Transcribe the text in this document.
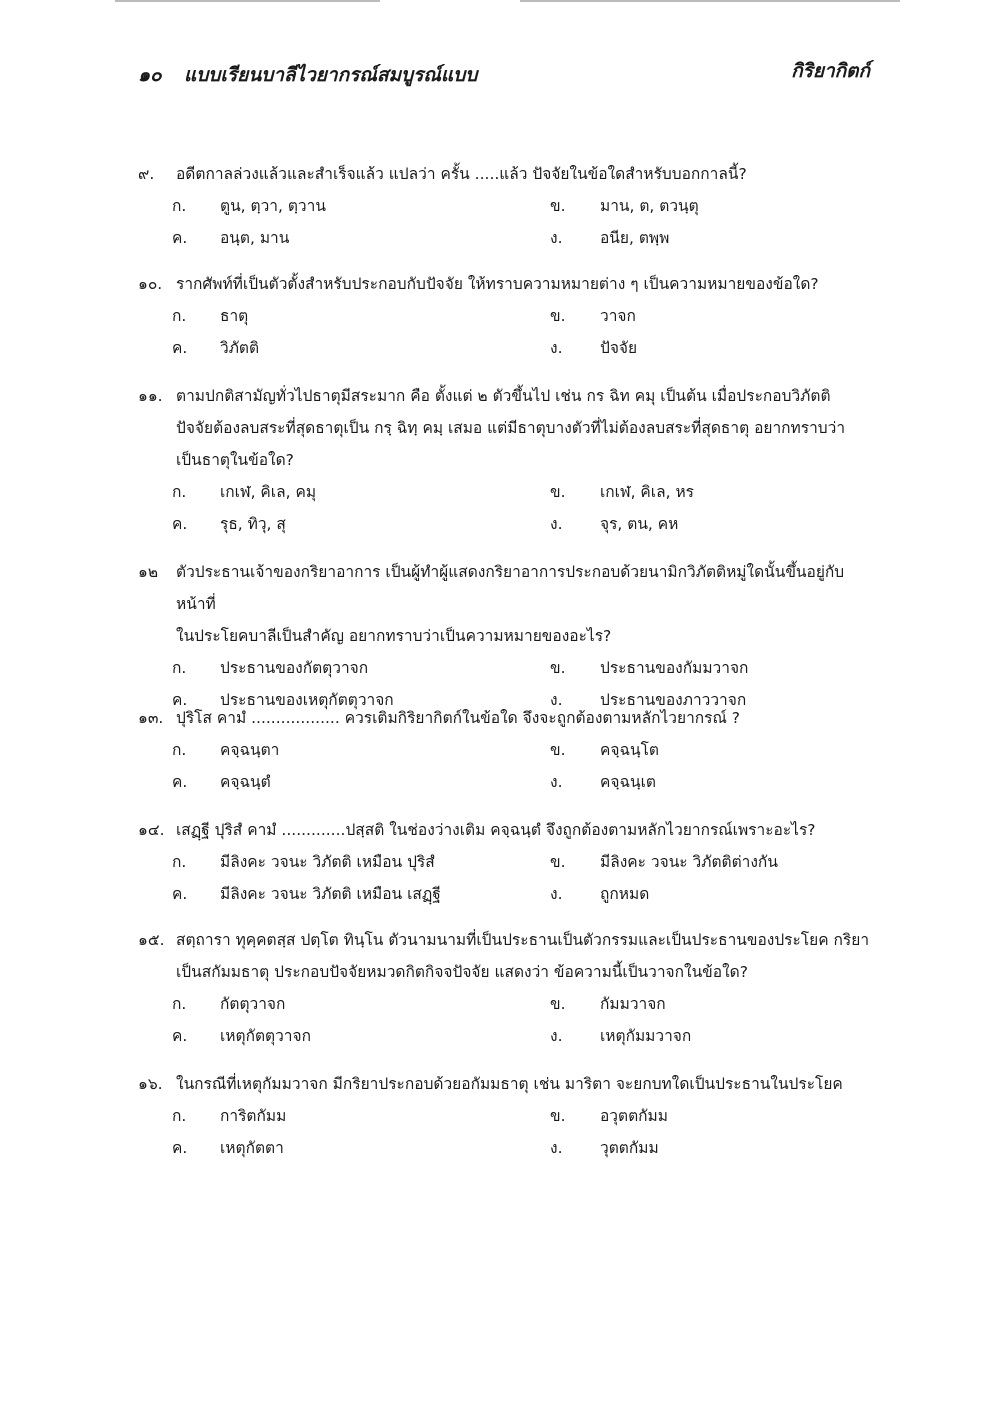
๑๐ แบบเรียนบาลีไวยากรณ์สมบูรณ์แบบ	กิริยากิตก์
๙.	อดีตกาลล่วงแล้วและสำเร็จแล้ว แปลว่า ครั้น .....แล้ว ปัจจัยในข้อใดสำหรับบอกกาลนี้?
ก.	ตูน, ตฺวา, ตฺวาน	ข.	มาน, ต, ตวนฺตุ
ค.	อนฺต, มาน	ง.	อนีย, ตพฺพ
๑๐. รากศัพท์ที่เป็นตัวตั้งสำหรับประกอบกับปัจจัย ให้ทราบความหมายต่าง ๆ เป็นความหมายของข้อใด?
ก.	ธาตุ	ข.	วาจก
ค.	วิภัตติ	ง.	ปัจจัย
๑๑. ตามปกติสามัญทั่วไปธาตุมีสระมาก คือ ตั้งแต่ ๒ ตัวขึ้นไป เช่น กร ฉิท คมุ เป็นต้น เมื่อประกอบวิภัตติ
ปัจจัยต้องลบสระที่สุดธาตุเป็น กรฺ ฉิทฺ คมฺ เสมอ แต่มีธาตุบางตัวที่ไม่ต้องลบสระที่สุดธาตุ อยากทราบว่า
เป็นธาตุในข้อใด?
ก.	เกเฬ, คิเล, คมุ	ข.	เกเฬ, คิเล, หร
ค.	รุธ, ทิวุ, สุ	ง.	จุร, ตน, คห
๑๒	ตัวประธานเจ้าของกริยาอาการ เป็นผู้ทำผู้แสดงกริยาอาการประกอบด้วยนามิกวิภัตติหมู่ใดนั้นขึ้นอยู่กับหน้าที่
ในประโยคบาลีเป็นสำคัญ อยากทราบว่าเป็นความหมายของอะไร?
ก.	ประธานของกัตตุวาจก	ข.	ประธานของกัมมวาจก
ค.	ประธานของเหตุกัตตุวาจก	ง.	ประธานของภาววาจก
๑๓. ปุริโส คามํ .................. ควรเติมกิริยากิตก์ในข้อใด จึงจะถูกต้องตามหลักไวยากรณ์ ?
ก.	คจฺฉนฺตา	ข.	คจฺฉนฺโต
ค.	คจฺฉนฺตํ	ง.	คจฺฉนฺเต
๑๔. เสฏฺฐี ปุริสํ คามํ .............ปสฺสติ ในช่องว่างเติม คจฺฉนฺตํ จึงถูกต้องตามหลักไวยากรณ์เพราะอะไร?
ก.	มีลิงคะ วจนะ วิภัตติ เหมือน ปุริสํ	ข.	มีลิงคะ วจนะ วิภัตติต่างกัน
ค.	มีลิงคะ วจนะ วิภัตติ เหมือน เสฏฺฐี	ง.	ถูกหมด
๑๕. สตฺถารา ทุคฺคตสฺส ปตฺโต ทินฺโน ตัวนามนามที่เป็นประธานเป็นตัวกรรมและเป็นประธานของประโยค กริยา
เป็นสกัมมธาตุ ประกอบปัจจัยหมวดกิตกิจจปัจจัย แสดงว่า ข้อความนี้เป็นวาจกในข้อใด?
ก.	กัตตุวาจก	ข.	กัมมวาจก
ค.	เหตุกัตตุวาจก	ง.	เหตุกัมมวาจก
๑๖. ในกรณีที่เหตุกัมมวาจก มีกริยาประกอบด้วยอกัมมธาตุ เช่น มาริตา จะยกบทใดเป็นประธานในประโยค
ก.	การิตกัมม	ข.	อวุตตกัมม
ค.	เหตุกัตตา	ง.	วุตตกัมม
